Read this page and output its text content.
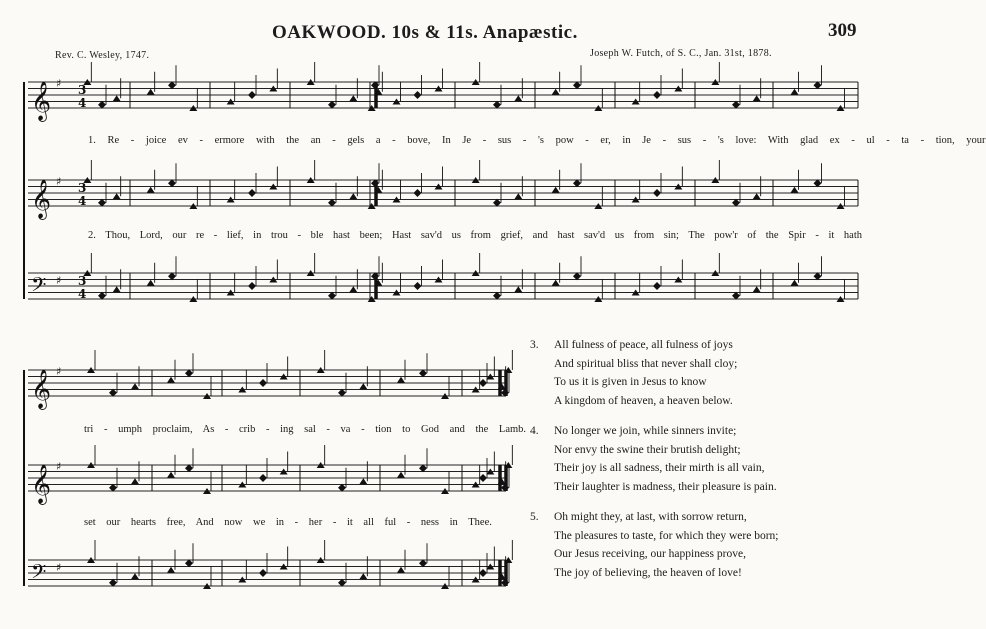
OAKWOOD. 10s & 11s. Anapæstic.	309
Rev. C. Wesley, 1747.	Joseph W. Futch, of S. C., Jan. 31st, 1878.
𝄞 ♯ 3
4
𝄞 ♯ 3
4
𝄢 ♯ 3
4
𝄞 ♯
𝄞 ♯
𝄢 ♯
1. Re - joice ev - ermore with the an - gels a - bove, In Je - sus - 's pow - er, in Je - sus - 's love: With glad ex - ul - ta - tion, your
2. Thou, Lord, our re - lief, in trou - ble hast been; Hast sav'd us from grief, and hast sav'd us from sin; The pow'r of the Spir - it hath
tri - umph proclaim, As - crib - ing sal - va - tion to God and the Lamb.
set our hearts free, And now we in - her - it all ful - ness in Thee.
3.	All fulness of peace, all fulness of joys
And spiritual bliss that never shall cloy;
To us it is given in Jesus to know
A kingdom of heaven, a heaven below.
4.	No longer we join, while sinners invite;
Nor envy the swine their brutish delight;
Their joy is all sadness, their mirth is all vain,
Their laughter is madness, their pleasure is pain.
5.	Oh might they, at last, with sorrow return,
The pleasures to taste, for which they were born;
Our Jesus receiving, our happiness prove,
The joy of believing, the heaven of love!
